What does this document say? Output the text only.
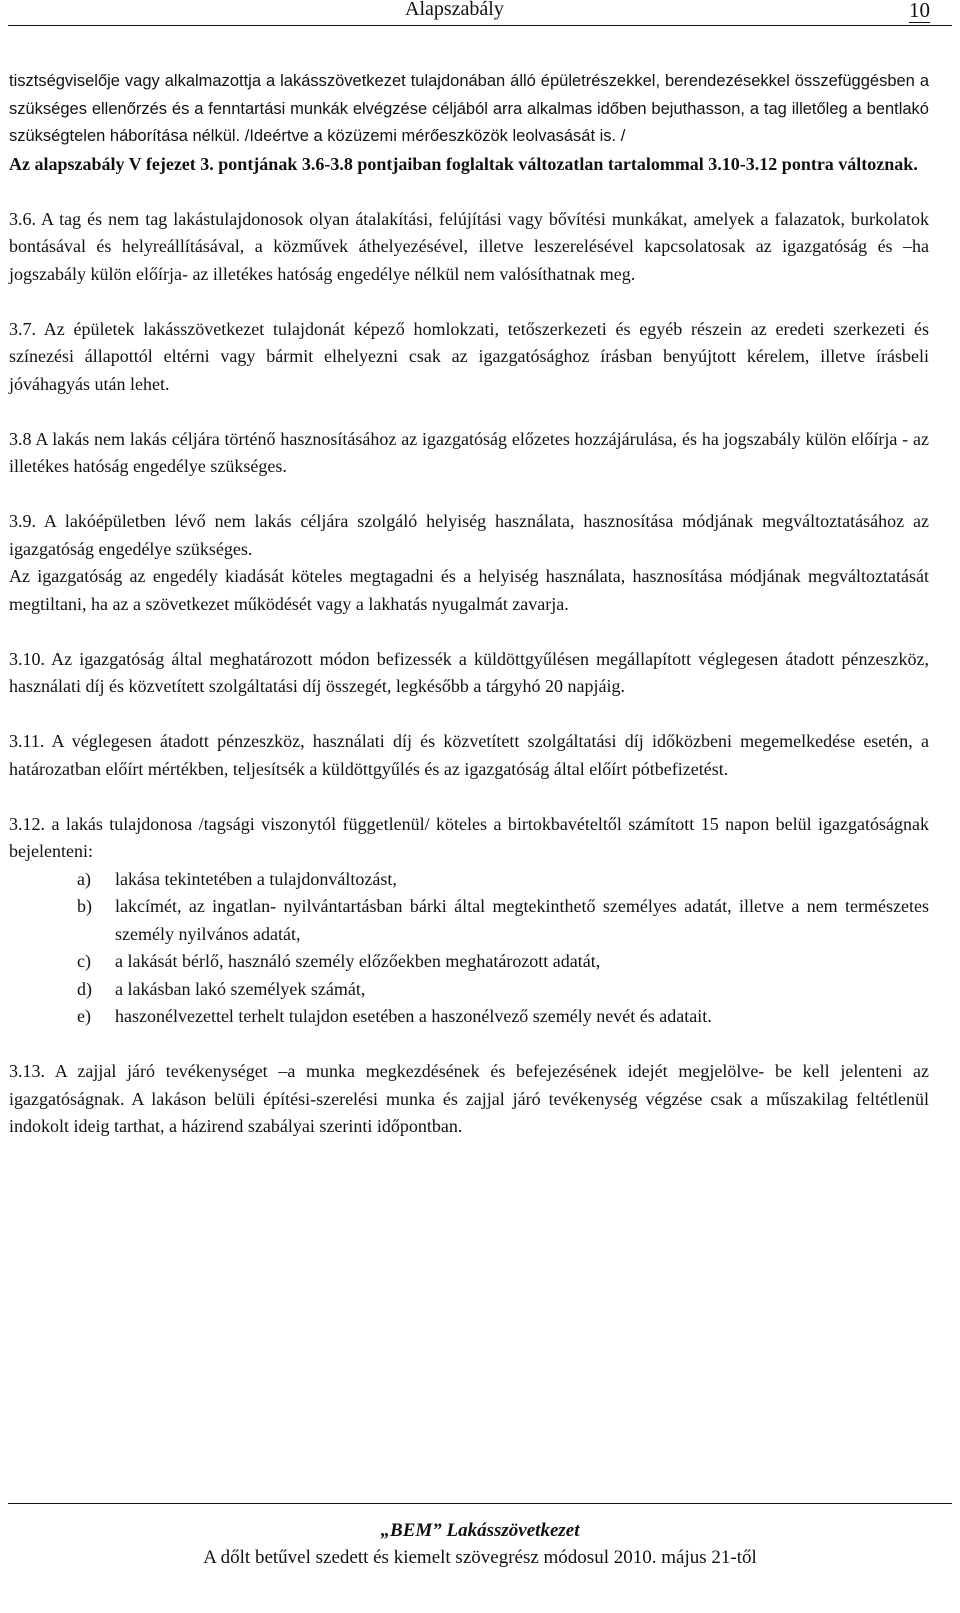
Alapszabály	10

tisztségviselője vagy alkalmazottja a lakásszövetkezet tulajdonában álló épületrészekkel, berendezésekkel összefüggésben a szükséges ellenőrzés és a fenntartási munkák elvégzése céljából arra alkalmas időben bejuthasson, a tag illetőleg a bentlakó szükségtelen háborítása nélkül. /Ideértve a közüzemi mérőeszközök leolvasását is. /

Az alapszabály V fejezet 3. pontjának 3.6-3.8 pontjaiban foglaltak változatlan tartalommal 3.10-3.12 pontra változnak.

3.6. A tag és nem tag lakástulajdonosok olyan átalakítási, felújítási vagy bővítési munkákat, amelyek a falazatok, burkolatok bontásával és helyreállításával, a közművek áthelyezésével, illetve leszerelésével kapcsolatosak az igazgatóság és –ha jogszabály külön előírja- az illetékes hatóság engedélye nélkül nem valósíthatnak meg.

3.7. Az épületek lakásszövetkezet tulajdonát képező homlokzati, tetőszerkezeti és egyéb részein az eredeti szerkezeti és színezési állapottól eltérni vagy bármit elhelyezni csak az igazgatósághoz írásban benyújtott kérelem, illetve írásbeli jóváhagyás után lehet.

3.8 A lakás nem lakás céljára történő hasznosításához az igazgatóság előzetes hozzájárulása, és ha jogszabály külön előírja - az illetékes hatóság engedélye szükséges.

3.9. A lakóépületben lévő nem lakás céljára szolgáló helyiség használata, hasznosítása módjának megváltoztatásához az igazgatóság engedélye szükséges.

Az igazgatóság az engedély kiadását köteles megtagadni és a helyiség használata, hasznosítása módjának megváltoztatását megtiltani, ha az a szövetkezet működését vagy a lakhatás nyugalmát zavarja.

3.10. Az igazgatóság által meghatározott módon befizessék a küldöttgyűlésen megállapított véglegesen átadott pénzeszköz, használati díj és közvetített szolgáltatási díj összegét, legkésőbb a tárgyhó 20 napjáig.

3.11. A véglegesen átadott pénzeszköz, használati díj és közvetített szolgáltatási díj időközbeni megemelkedése esetén, a határozatban előírt mértékben, teljesítsék a küldöttgyűlés és az igazgatóság által előírt pótbefizetést.

3.12. a lakás tulajdonosa /tagsági viszonytól függetlenül/ köteles a birtokbavételtől számított 15 napon belül igazgatóságnak bejelenteni:

a) lakása tekintetében a tulajdonváltozást,
b) lakcímét, az ingatlan- nyilvántartásban bárki által megtekinthető személyes adatát, illetve a nem természetes személy nyilvános adatát,
c) a lakását bérlő, használó személy előzőekben meghatározott adatát,
d) a lakásban lakó személyek számát,
e) haszonélvezettel terhelt tulajdon esetében a haszonélvező személy nevét és adatait.

3.13. A zajjal járó tevékenységet –a munka megkezdésének és befejezésének idejét megjelölve- be kell jelenteni az igazgatóságnak. A lakáson belüli építési-szerelési munka és zajjal járó tevékenység végzése csak a műszakilag feltétlenül indokolt ideig tarthat, a házirend szabályai szerinti időpontban.

„BEM” Lakásszövetkezet
A dőlt betűvel szedett és kiemelt szövegrész módosul 2010. május 21-től
